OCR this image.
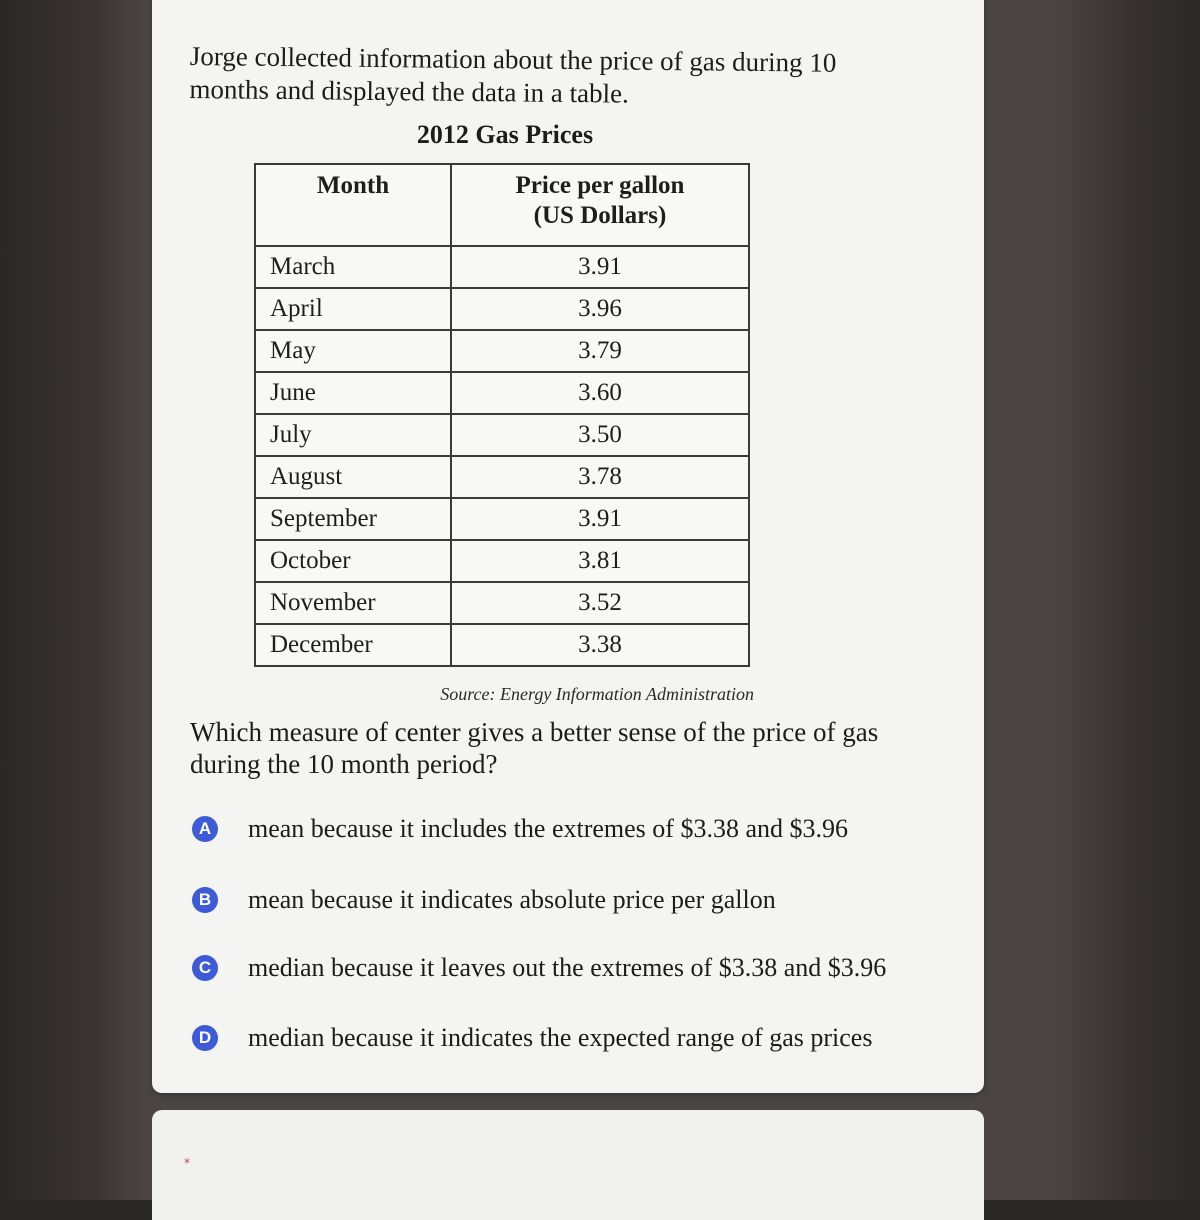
Jorge collected information about the price of gas during 10 months and displayed the data in a table.

2012 Gas Prices
Month	Price per gallon
(US Dollars)
March	3.91
April	3.96
May	3.79
June	3.60
July	3.50
August	3.78
September	3.91
October	3.81
November	3.52
December	3.38
Source: Energy Information Administration

Which measure of center gives a better sense of the price of gas during the 10 month period?

A mean because it includes the extremes of $3.38 and $3.96
B mean because it indicates absolute price per gallon
C median because it leaves out the extremes of $3.38 and $3.96
D median because it indicates the expected range of gas prices
*
